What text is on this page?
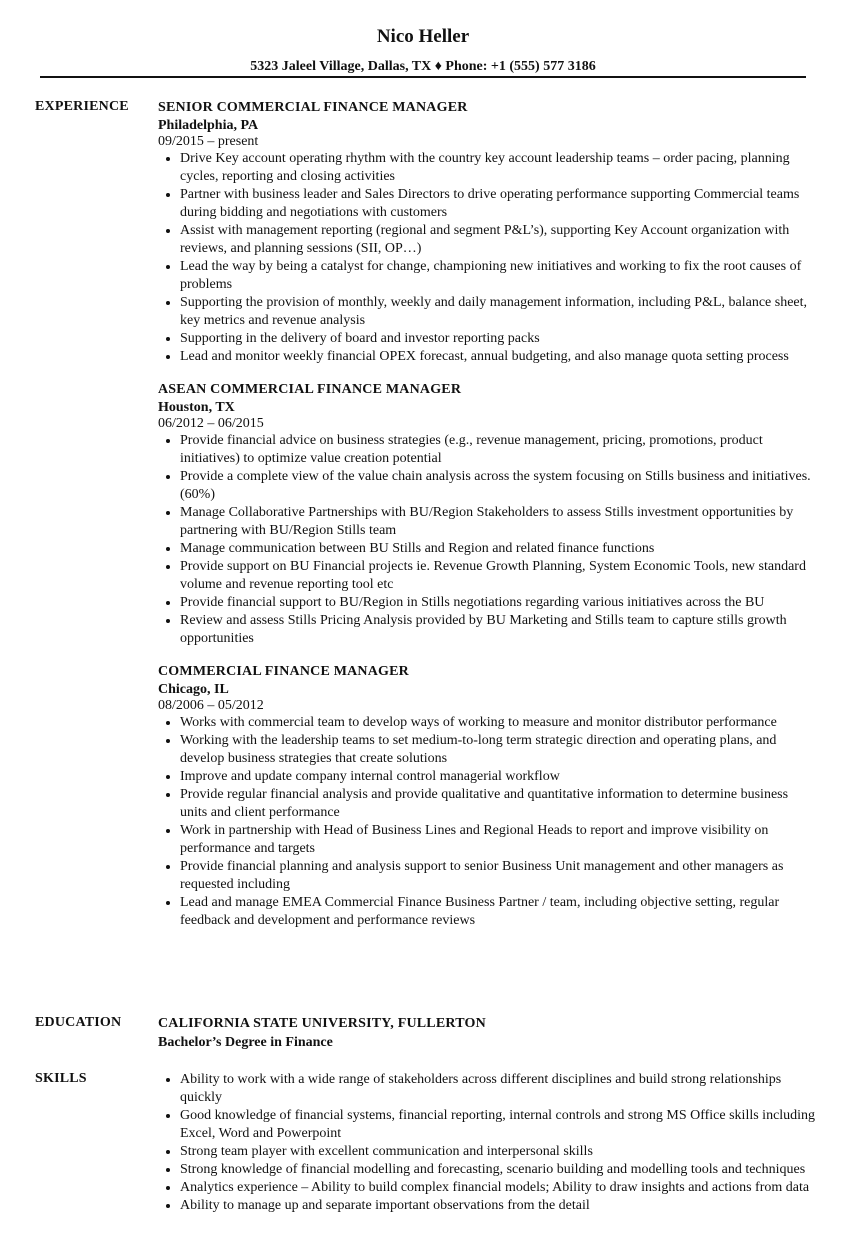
Nico Heller
5323 Jaleel Village, Dallas, TX ♦ Phone: +1 (555) 577 3186
EXPERIENCE SENIOR COMMERCIAL FINANCE MANAGER
Philadelphia, PA
09/2015 – present
Drive Key account operating rhythm with the country key account leadership teams – order pacing, planning cycles, reporting and closing activities
Partner with business leader and Sales Directors to drive operating performance supporting Commercial teams during bidding and negotiations with customers
Assist with management reporting (regional and segment P&L’s), supporting Key Account organization with reviews, and planning sessions (SII, OP…)
Lead the way by being a catalyst for change, championing new initiatives and working to fix the root causes of problems
Supporting the provision of monthly, weekly and daily management information, including P&L, balance sheet, key metrics and revenue analysis
Supporting in the delivery of board and investor reporting packs
Lead and monitor weekly financial OPEX forecast, annual budgeting, and also manage quota setting process
ASEAN COMMERCIAL FINANCE MANAGER
Houston, TX
06/2012 – 06/2015
Provide financial advice on business strategies (e.g., revenue management, pricing, promotions, product initiatives) to optimize value creation potential
Provide a complete view of the value chain analysis across the system focusing on Stills business and initiatives. (60%)
Manage Collaborative Partnerships with BU/Region Stakeholders to assess Stills investment opportunities by partnering with BU/Region Stills team
Manage communication between BU Stills and Region and related finance functions
Provide support on BU Financial projects ie. Revenue Growth Planning, System Economic Tools, new standard volume and revenue reporting tool etc
Provide financial support to BU/Region in Stills negotiations regarding various initiatives across the BU
Review and assess Stills Pricing Analysis provided by BU Marketing and Stills team to capture stills growth opportunities
COMMERCIAL FINANCE MANAGER
Chicago, IL
08/2006 – 05/2012
Works with commercial team to develop ways of working to measure and monitor distributor performance
Working with the leadership teams to set medium-to-long term strategic direction and operating plans, and develop business strategies that create solutions
Improve and update company internal control managerial workflow
Provide regular financial analysis and provide qualitative and quantitative information to determine business units and client performance
Work in partnership with Head of Business Lines and Regional Heads to report and improve visibility on performance and targets
Provide financial planning and analysis support to senior Business Unit management and other managers as requested including
Lead and manage EMEA Commercial Finance Business Partner / team, including objective setting, regular feedback and development and performance reviews
EDUCATION	CALIFORNIA STATE UNIVERSITY, FULLERTON
Bachelor’s Degree in Finance
SKILLS	Ability to work with a wide range of stakeholders across different disciplines and build strong relationships quickly
Good knowledge of financial systems, financial reporting, internal controls and strong MS Office skills including Excel, Word and Powerpoint
Strong team player with excellent communication and interpersonal skills
Strong knowledge of financial modelling and forecasting, scenario building and modelling tools and techniques
Analytics experience – Ability to build complex financial models; Ability to draw insights and actions from data
Ability to manage up and separate important observations from the detail
